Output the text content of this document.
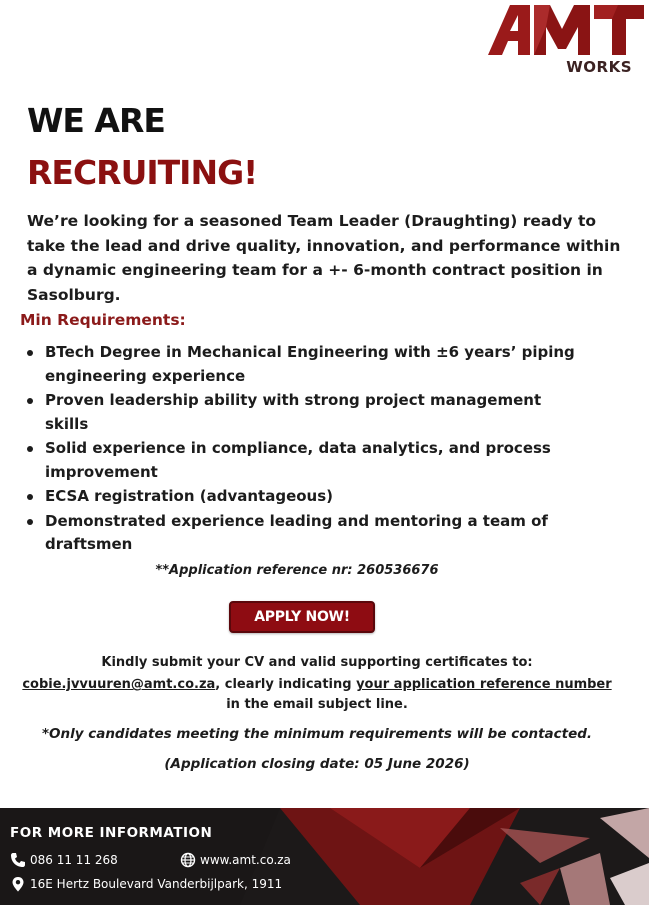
WORKS
WE ARE
RECRUITING!
We’re looking for a seasoned Team Leader (Draughting) ready to take the lead and drive quality, innovation, and performance within a dynamic engineering team for a +- 6-month contract position in Sasolburg.
Min Requirements:
BTech Degree in Mechanical Engineering with ±6 years’ piping engineering experience
Proven leadership ability with strong project management skills
Solid experience in compliance, data analytics, and process improvement
ECSA registration (advantageous)
Demonstrated experience leading and mentoring a team of draftsmen
**Application reference nr: 260536676
APPLY NOW!
Kindly submit your CV and valid supporting certificates to:
cobie.jvvuuren@amt.co.za, clearly indicating your application reference number
in the email subject line.
*Only candidates meeting the minimum requirements will be contacted.
(Application closing date: 05 June 2026)
FOR MORE INFORMATION
086 11 11 268	www.amt.co.za
16E Hertz Boulevard Vanderbijlpark, 1911
